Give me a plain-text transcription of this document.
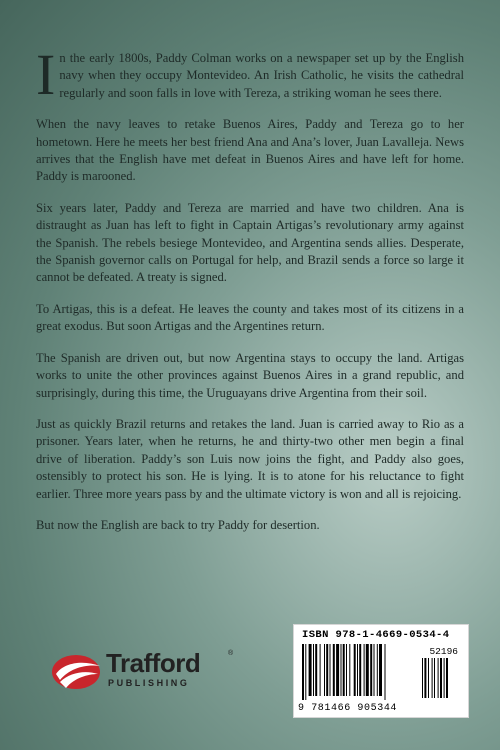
In the early 1800s, Paddy Colman works on a newspaper set up by the English navy when they occupy Montevideo. An Irish Catholic, he visits the cathedral regularly and soon falls in love with Tereza, a striking woman he sees there.

When the navy leaves to retake Buenos Aires, Paddy and Tereza go to her hometown. Here he meets her best friend Ana and Ana’s lover, Juan Lavalleja. News arrives that the English have met defeat in Buenos Aires and have left for home. Paddy is marooned.

Six years later, Paddy and Tereza are married and have two children. Ana is distraught as Juan has left to fight in Captain Artigas’s revolutionary army against the Spanish. The rebels besiege Montevideo, and Argentina sends allies. Desperate, the Spanish governor calls on Portugal for help, and Brazil sends a force so large it cannot be defeated. A treaty is signed.

To Artigas, this is a defeat. He leaves the county and takes most of its citizens in a great exodus. But soon Artigas and the Argentines return.

The Spanish are driven out, but now Argentina stays to occupy the land. Artigas works to unite the other provinces against Buenos Aires in a grand republic, and surprisingly, during this time, the Uruguayans drive Argentina from their soil.

Just as quickly Brazil returns and retakes the land. Juan is carried away to Rio as a prisoner. Years later, when he returns, he and thirty-two other men begin a final drive of liberation. Paddy’s son Luis now joins the fight, and Paddy also goes, ostensibly to protect his son. He is lying. It is to atone for his reluctance to fight earlier. Three more years pass by and the ultimate victory is won and all is rejoicing.

But now the English are back to try Paddy for desertion.

Trafford	®
PUBLISHING
ISBN 978-1-4669-0534-4
52196
9 781466 905344
